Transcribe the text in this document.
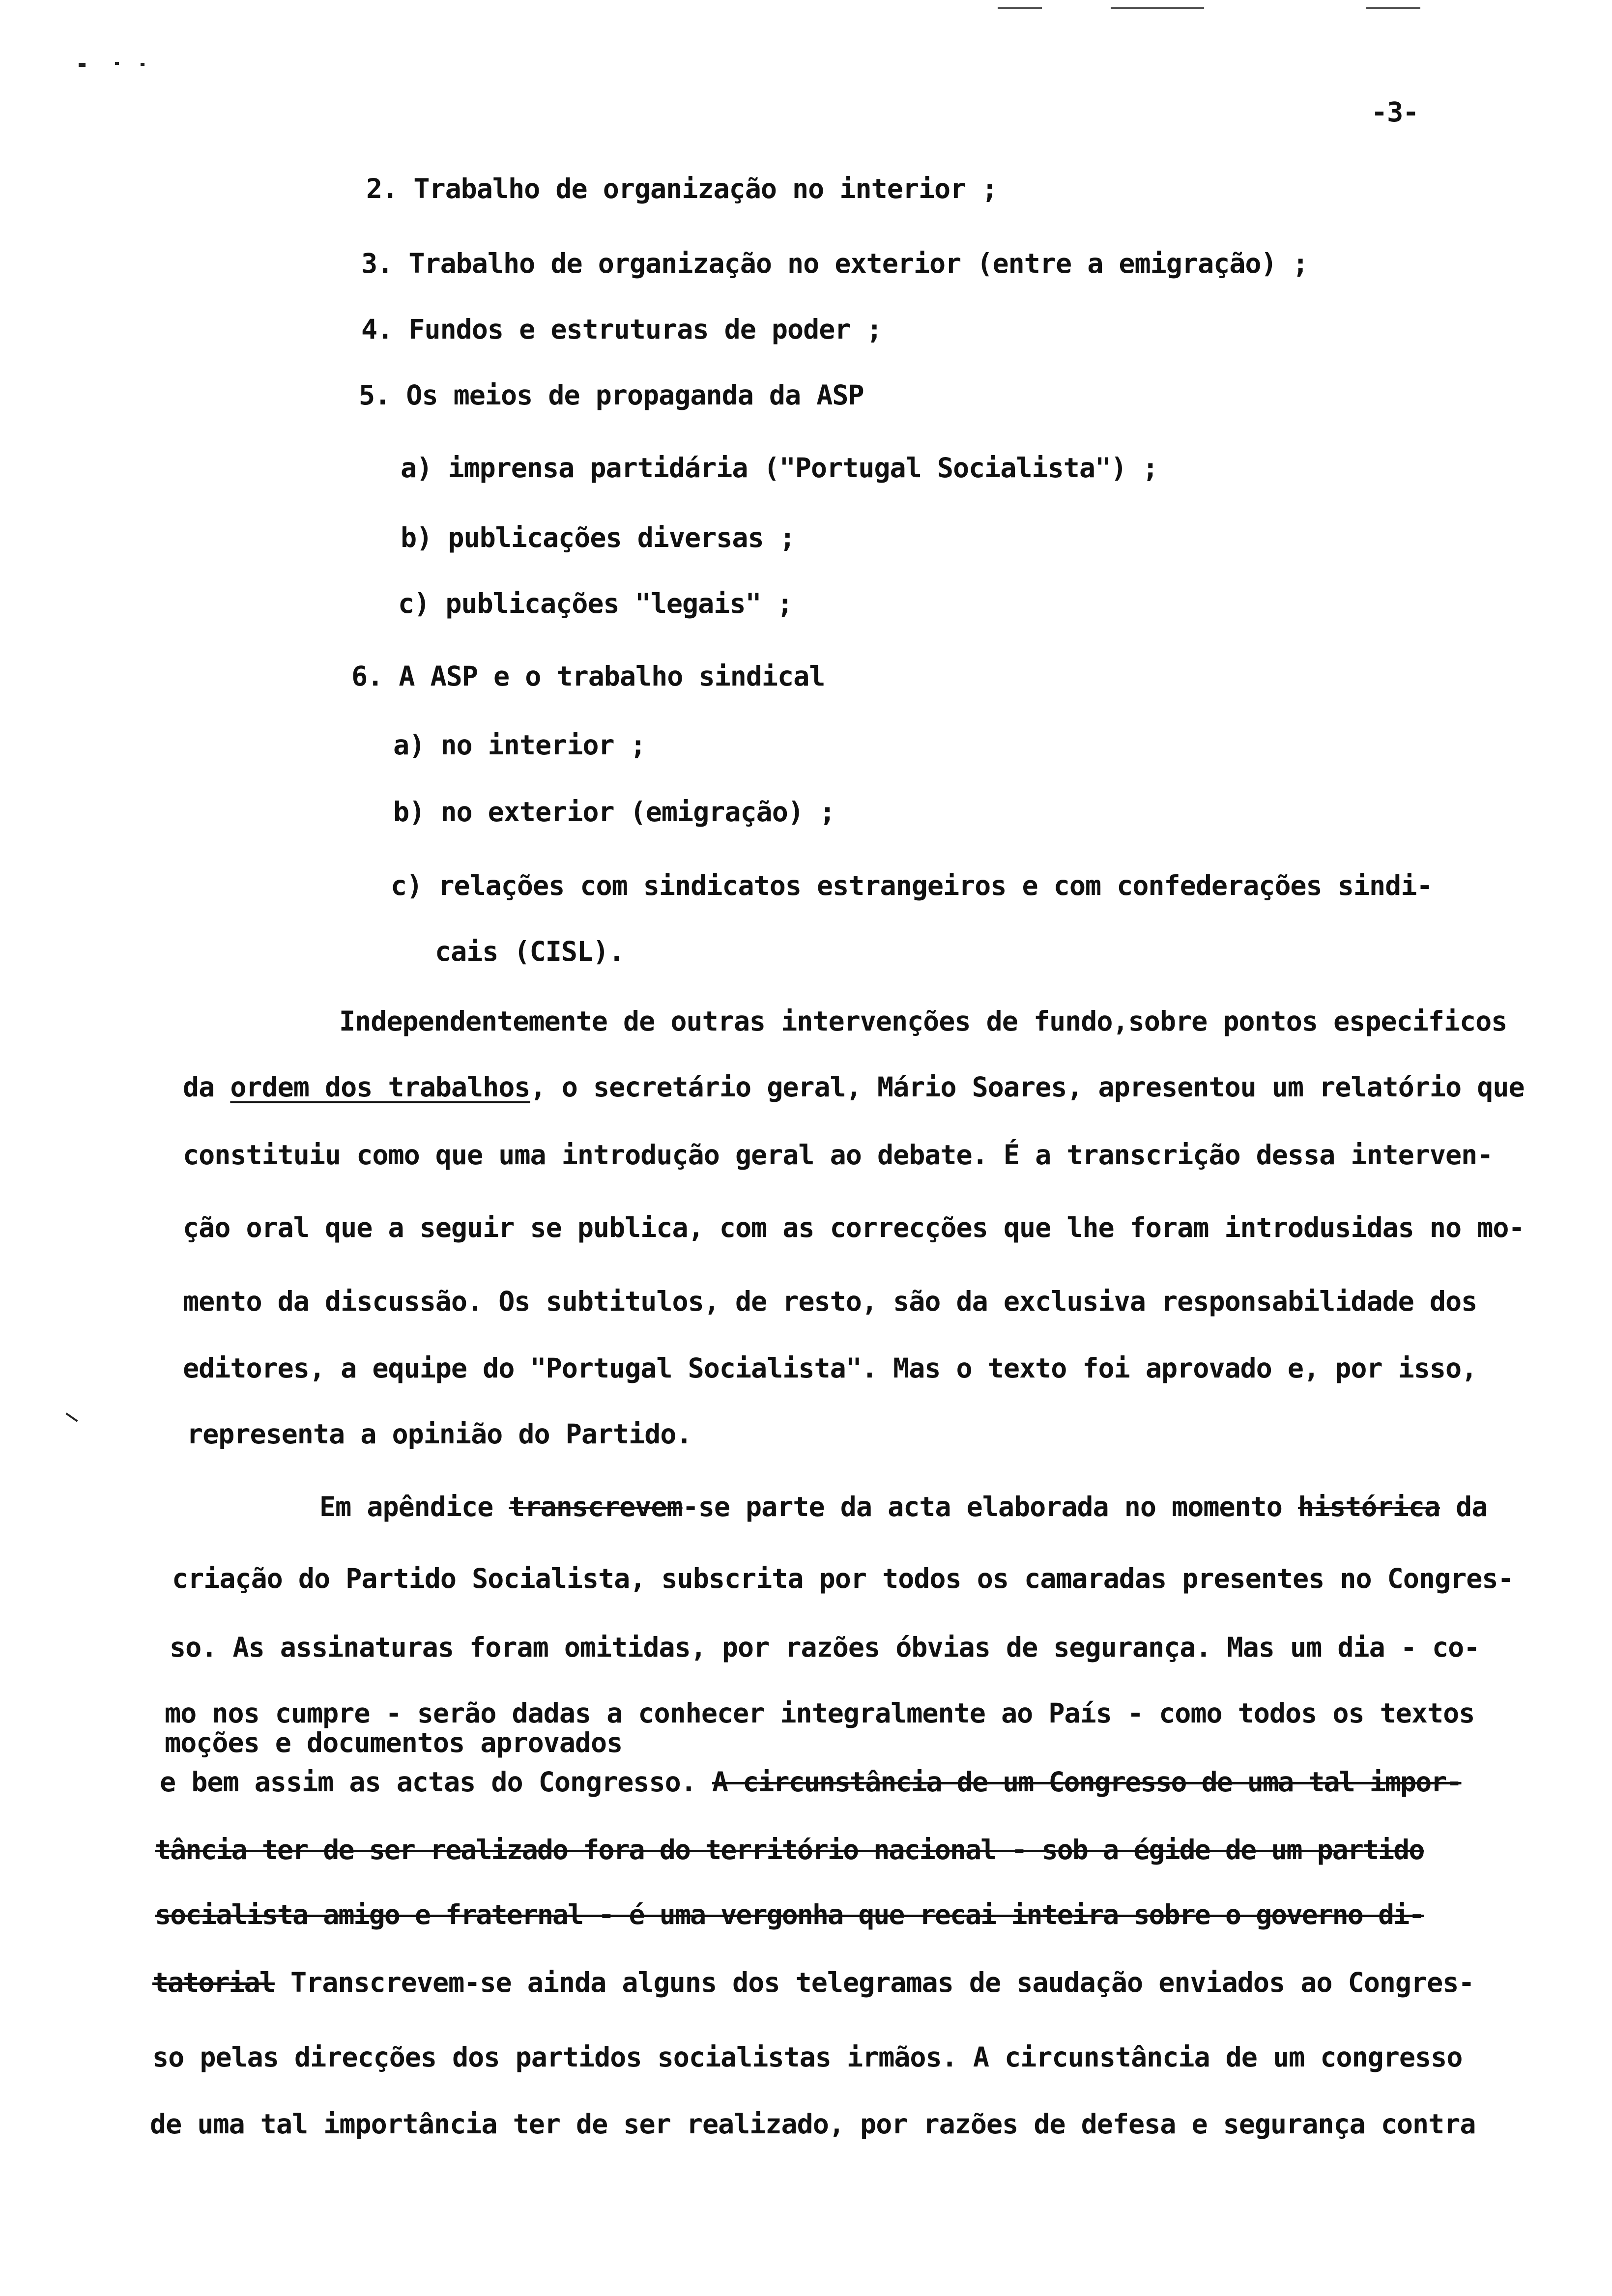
-3-
2. Trabalho de organização no interior ;
3. Trabalho de organização no exterior (entre a emigração) ;
4. Fundos e estruturas de poder ;
5. Os meios de propaganda da ASP
a) imprensa partidária ("Portugal Socialista") ;
b) publicações diversas ;
c) publicações "legais" ;
6. A ASP e o trabalho sindical
a) no interior ;
b) no exterior (emigração) ;
c) relações com sindicatos estrangeiros e com confederações sindi-
cais (CISL).
Independentemente de outras intervenções de fundo,sobre pontos especificos
da ordem dos trabalhos, o secretário geral, Mário Soares, apresentou um relatório que
constituiu como que uma introdução geral ao debate. É a transcrição dessa interven-
ção oral que a seguir se publica, com as correcções que lhe foram introdusidas no mo-
mento da discussão. Os subtitulos, de resto, são da exclusiva responsabilidade dos
editores, a equipe do "Portugal Socialista". Mas o texto foi aprovado e, por isso,
representa a opinião do Partido.
Em apêndice transcrevem-se parte da acta elaborada no momento histórica da
criação do Partido Socialista, subscrita por todos os camaradas presentes no Congres-
so. As assinaturas foram omitidas, por razões óbvias de segurança. Mas um dia - co-
mo nos cumpre - serão dadas a conhecer integralmente ao País - como todos os textos
moções e documentos aprovados
e bem assim as actas do Congresso. A circunstância de um Congresso de uma tal impor-
tância ter de ser realizado fora do território nacional - sob a égide de um partido
socialista amigo e fraternal - é uma vergonha que recai inteira sobre o governo di-
tatorial Transcrevem-se ainda alguns dos telegramas de saudação enviados ao Congres-
so pelas direcções dos partidos socialistas irmãos. A circunstância de um congresso
de uma tal importância ter de ser realizado, por razões de defesa e segurança contra
